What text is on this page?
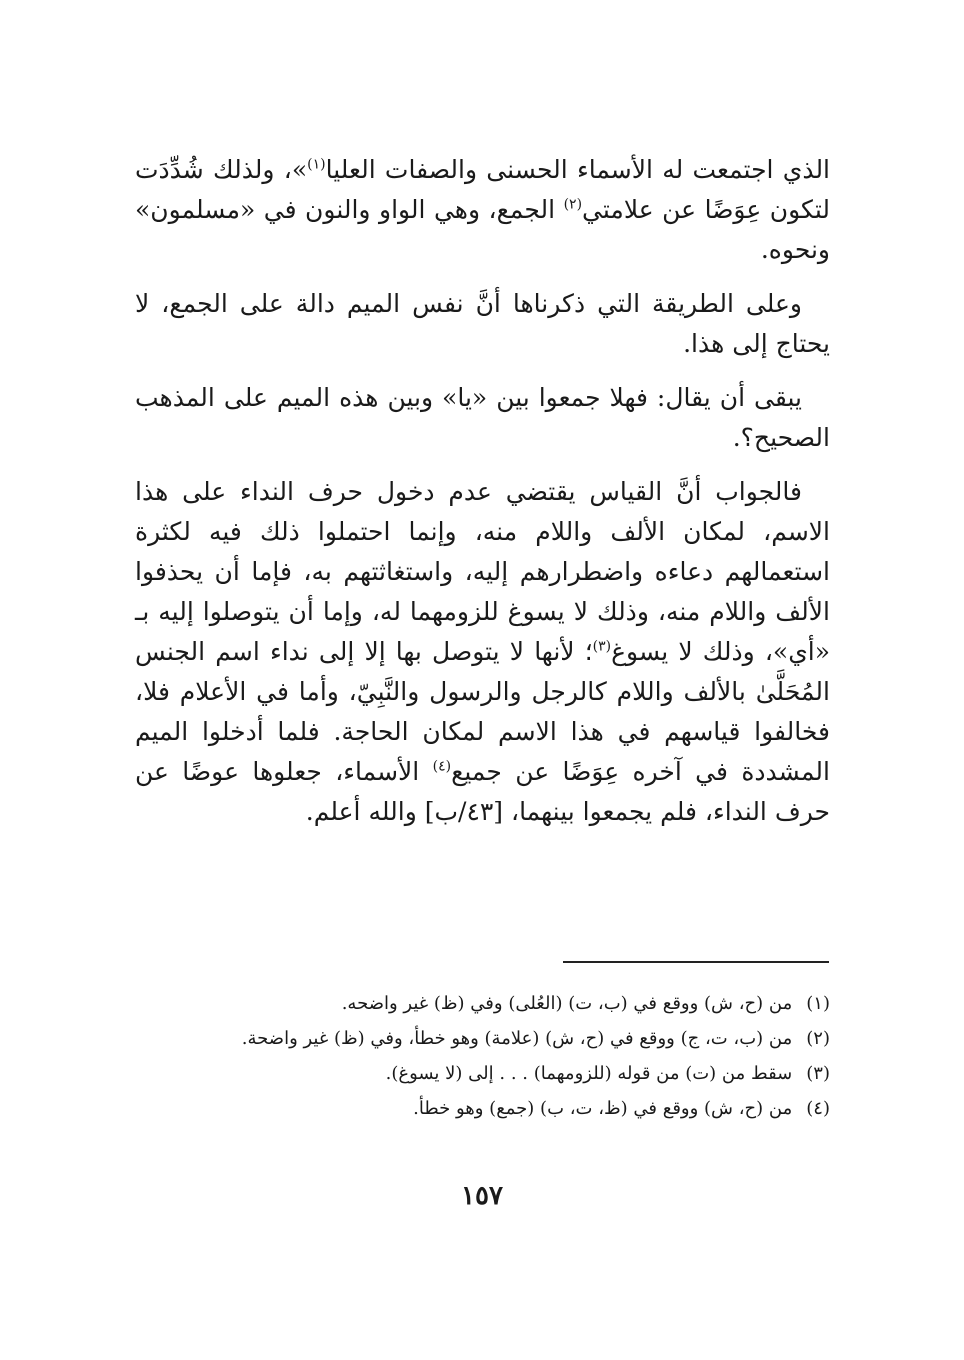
الذي اجتمعت له الأسماء الحسنى والصفات العليا$^{(١)}$»، ولذلك شُدِّدَت لتكون عِوَضًا عن علامتي$^{(٢)}$ الجمع، وهي الواو والنون في «مسلمون» ونحوه.

وعلى الطريقة التي ذكرناها أنَّ نفس الميم دالة على الجمع، لا يحتاج إلى هذا.

يبقى أن يقال: فهلا جمعوا بين «يا» وبين هذه الميم على المذهب الصحيح؟.

فالجواب أنَّ القياس يقتضي عدم دخول حرف النداء على هذا الاسم، لمكان الألف واللام منه، وإنما احتملوا ذلك فيه لكثرة استعمالهم دعاءه واضطرارهم إليه، واستغاثتهم به، فإما أن يحذفوا الألف واللام منه، وذلك لا يسوغ للزومهما له، وإما أن يتوصلوا إليه بـ «أي»، وذلك لا يسوغ$^{(٣)}$؛ لأنها لا يتوصل بها إلا إلى نداء اسم الجنس المُحَلَّىٰ بالألف واللام كالرجل والرسول والنَّبِيّ، وأما في الأعلام فلا، فخالفوا قياسهم في هذا الاسم لمكان الحاجة. فلما أدخلوا الميم المشددة في آخره عِوَضًا عن جميع$^{(٤)}$ الأسماء، جعلوها عوضًا عن حرف النداء، فلم يجمعوا بينهما، [٤٣/ب] والله أعلم.

(١)
من (ح، ش) ووقع في (ب، ت) (العُلى) وفي (ظ) غير واضحه.
(٢)
من (ب، ت، ج) ووقع في (ح، ش) (علامة) وهو خطأ، وفي (ظ) غير واضحة.
(٣)
سقط من (ت) من قوله (للزومهما) . . . إلى (لا يسوغ).
(٤)
من (ح، ش) ووقع في (ظ، ت، ب) (جمع) وهو خطأ.
١٥٧
